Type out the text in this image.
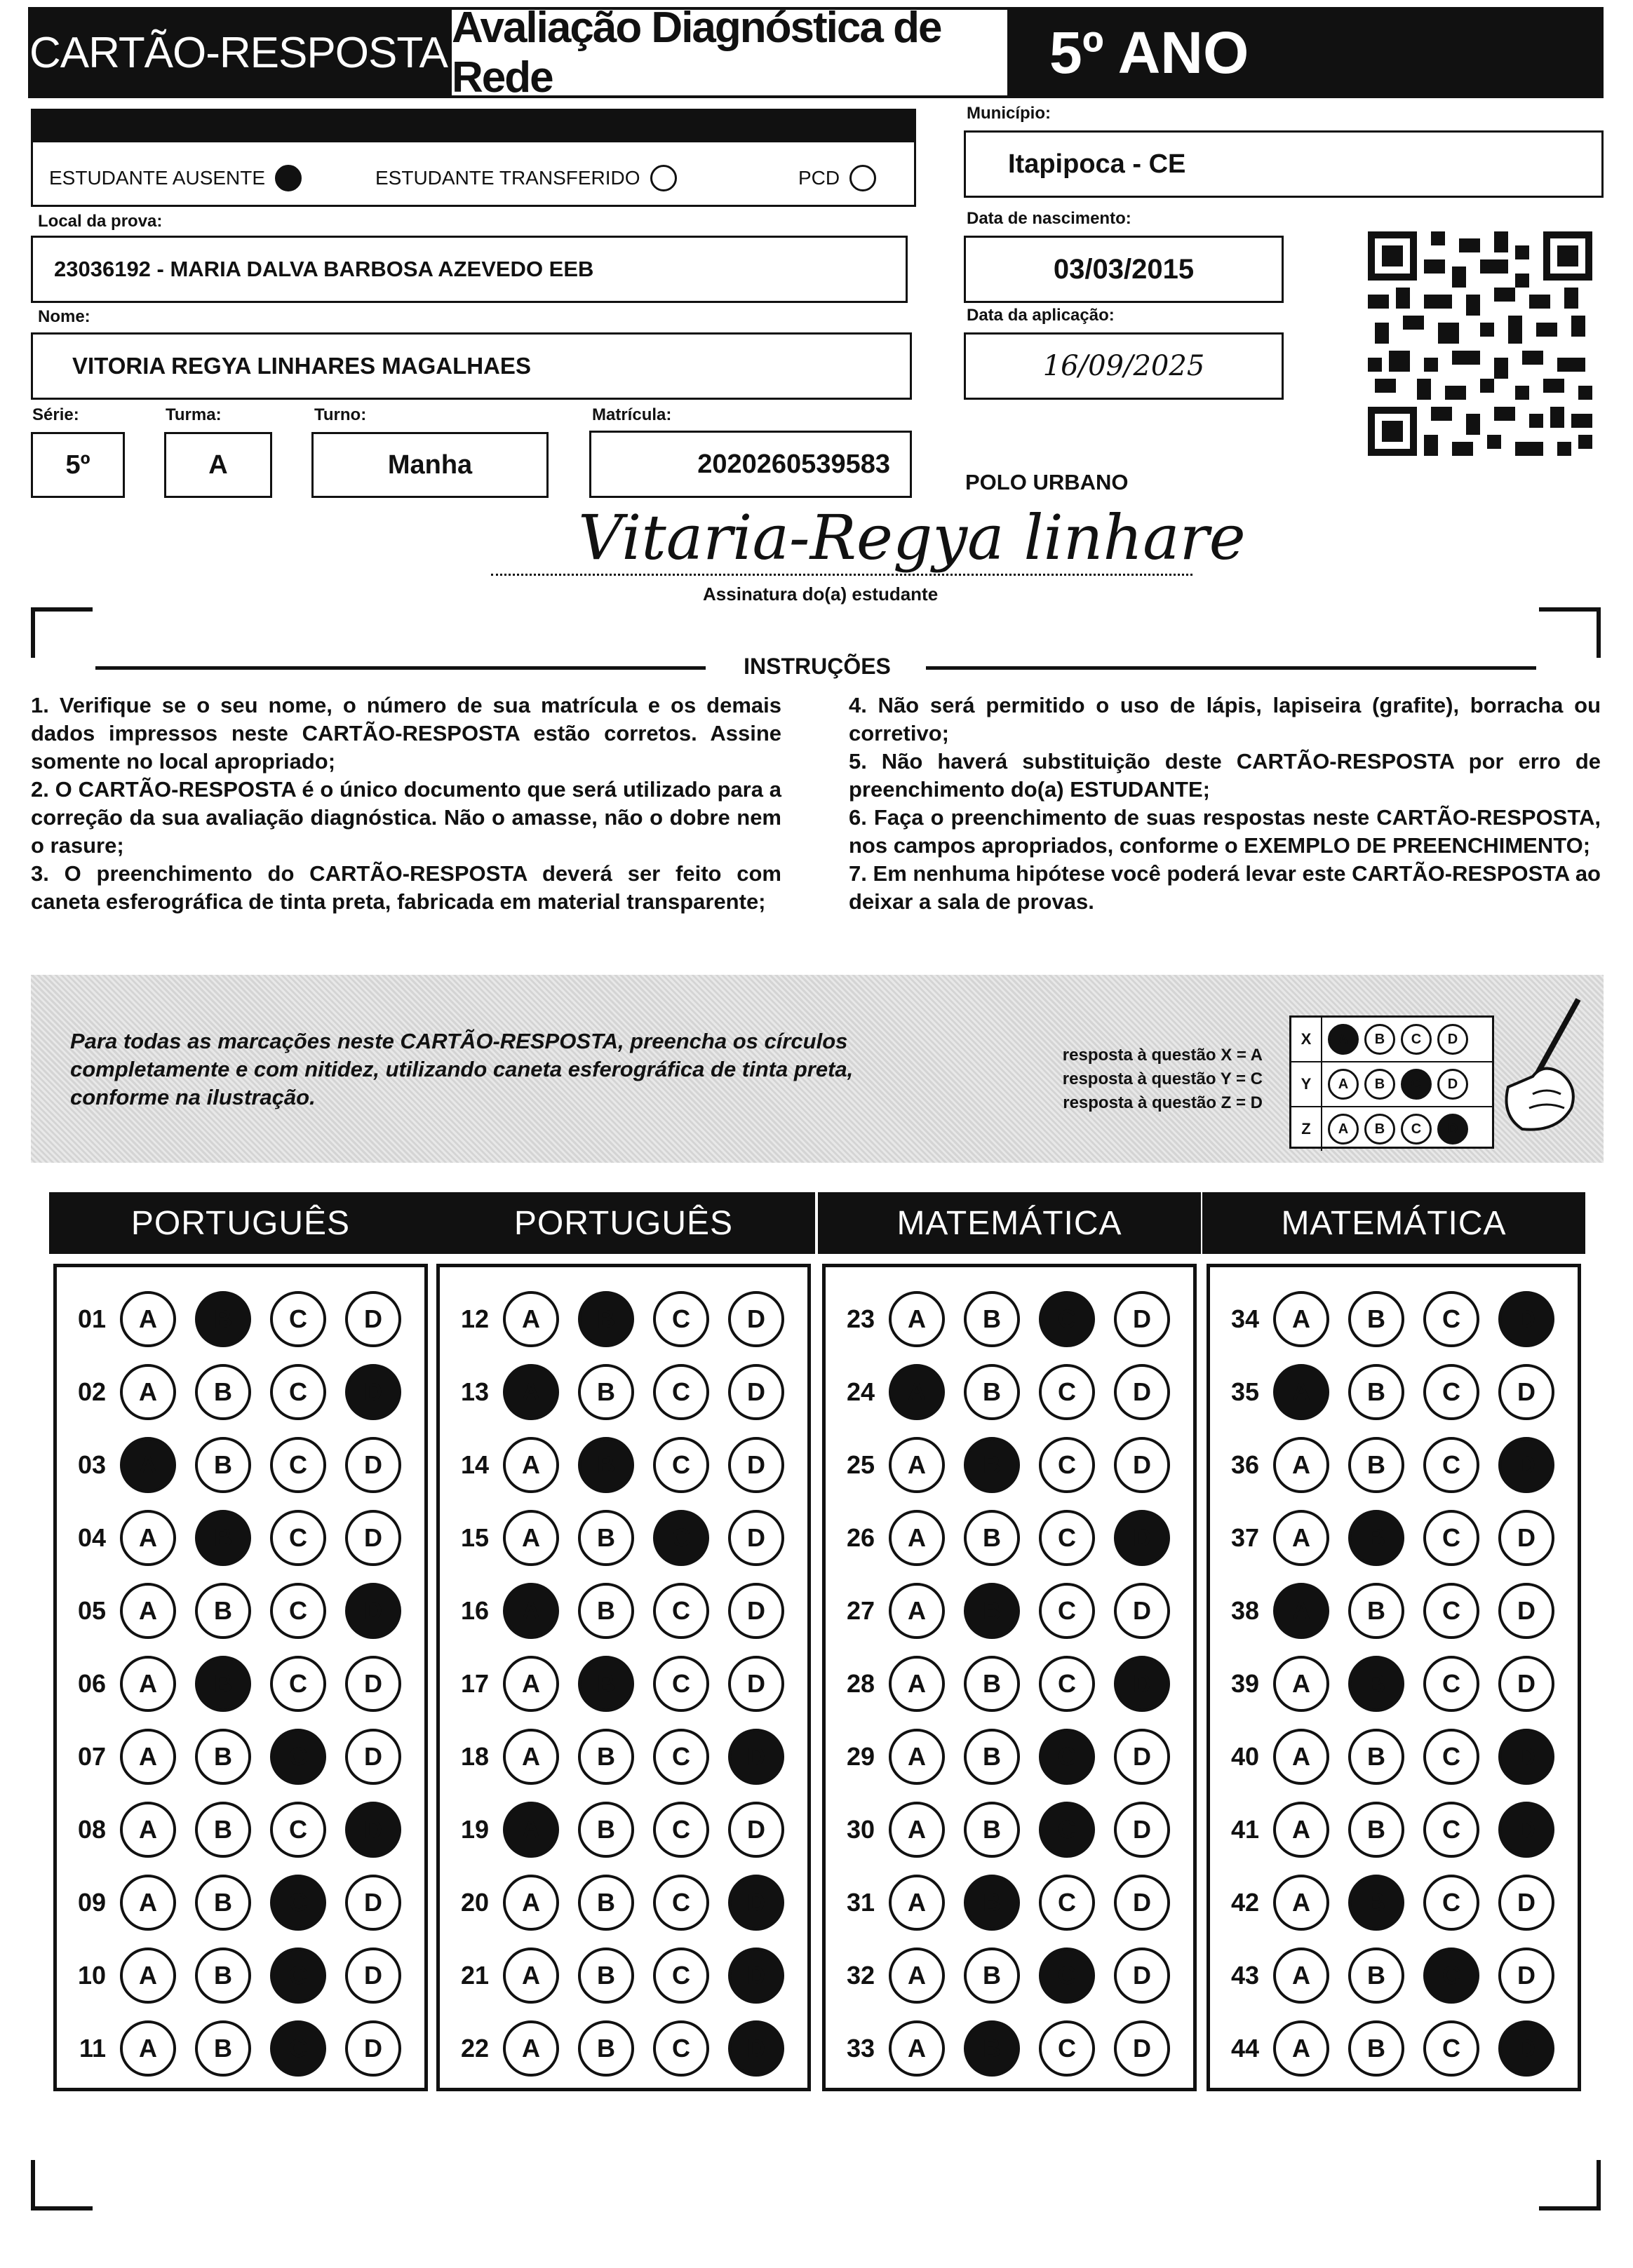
CARTÃO-RESPOSTA
Avaliação Diagnóstica de Rede	5º ANO
ESTUDANTE AUSENTE	ESTUDANTE TRANSFERIDO	PCD
Município:
Itapipoca - CE
Local da prova:
23036192 - MARIA DALVA BARBOSA AZEVEDO EEB
Data de nascimento:
03/03/2015
Nome:
VITORIA REGYA LINHARES MAGALHAES
Data da aplicação:
16/09/2025
Série:
5º
Turma:
A
Turno:
Manha
Matrícula:
2020260539583
POLO URBANO
Vitaria-Regya linhare
Assinatura do(a) estudante
INSTRUÇÕES

1. Verifique se o seu nome, o número de sua matrícula e os demais dados impressos neste CARTÃO-RESPOSTA estão corretos. Assine somente no local apropriado;

2. O CARTÃO-RESPOSTA é o único documento que será utilizado para a correção da sua avaliação diagnóstica. Não o amasse, não o dobre nem o rasure;

3. O preenchimento do CARTÃO-RESPOSTA deverá ser feito com caneta esferográfica de tinta preta, fabricada em material transparente;

4. Não será permitido o uso de lápis, lapiseira (grafite), borracha ou corretivo;

5. Não haverá substituição deste CARTÃO-RESPOSTA por erro de preenchimento do(a) ESTUDANTE;

6. Faça o preenchimento de suas respostas neste CARTÃO-RESPOSTA, nos campos apropriados, conforme o EXEMPLO DE PREENCHIMENTO;

7. Em nenhuma hipótese você poderá levar este CARTÃO-RESPOSTA ao deixar a sala de provas.

Para todas as marcações neste CARTÃO-RESPOSTA, preencha os círculos completamente e com nitidez, utilizando caneta esferográfica de tinta preta, conforme na ilustração.
resposta à questão X = A
resposta à questão Y = C
resposta à questão Z = D
X	A	B	C	D
Y	A	B	C	D
Z	A	B	C	D
PORTUGUÊS
01	A	B	C	D
02	A	B	C	D
03	A	B	C	D
04	A	B	C	D
05	A	B	C	D
06	A	B	C	D
07	A	B	C	D
08	A	B	C	D
09	A	B	C	D
10	A	B	C	D
11	A	B	C	D
PORTUGUÊS
12	A	B	C	D
13	A	B	C	D
14	A	B	C	D
15	A	B	C	D
16	A	B	C	D
17	A	B	C	D
18	A	B	C	D
19	A	B	C	D
20	A	B	C	D
21	A	B	C	D
22	A	B	C	D
MATEMÁTICA
23	A	B	C	D
24	A	B	C	D
25	A	B	C	D
26	A	B	C	D
27	A	B	C	D
28	A	B	C	D
29	A	B	C	D
30	A	B	C	D
31	A	B	C	D
32	A	B	C	D
33	A	B	C	D
MATEMÁTICA
34	A	B	C	D
35	A	B	C	D
36	A	B	C	D
37	A	B	C	D
38	A	B	C	D
39	A	B	C	D
40	A	B	C	D
41	A	B	C	D
42	A	B	C	D
43	A	B	C	D
44	A	B	C	D
